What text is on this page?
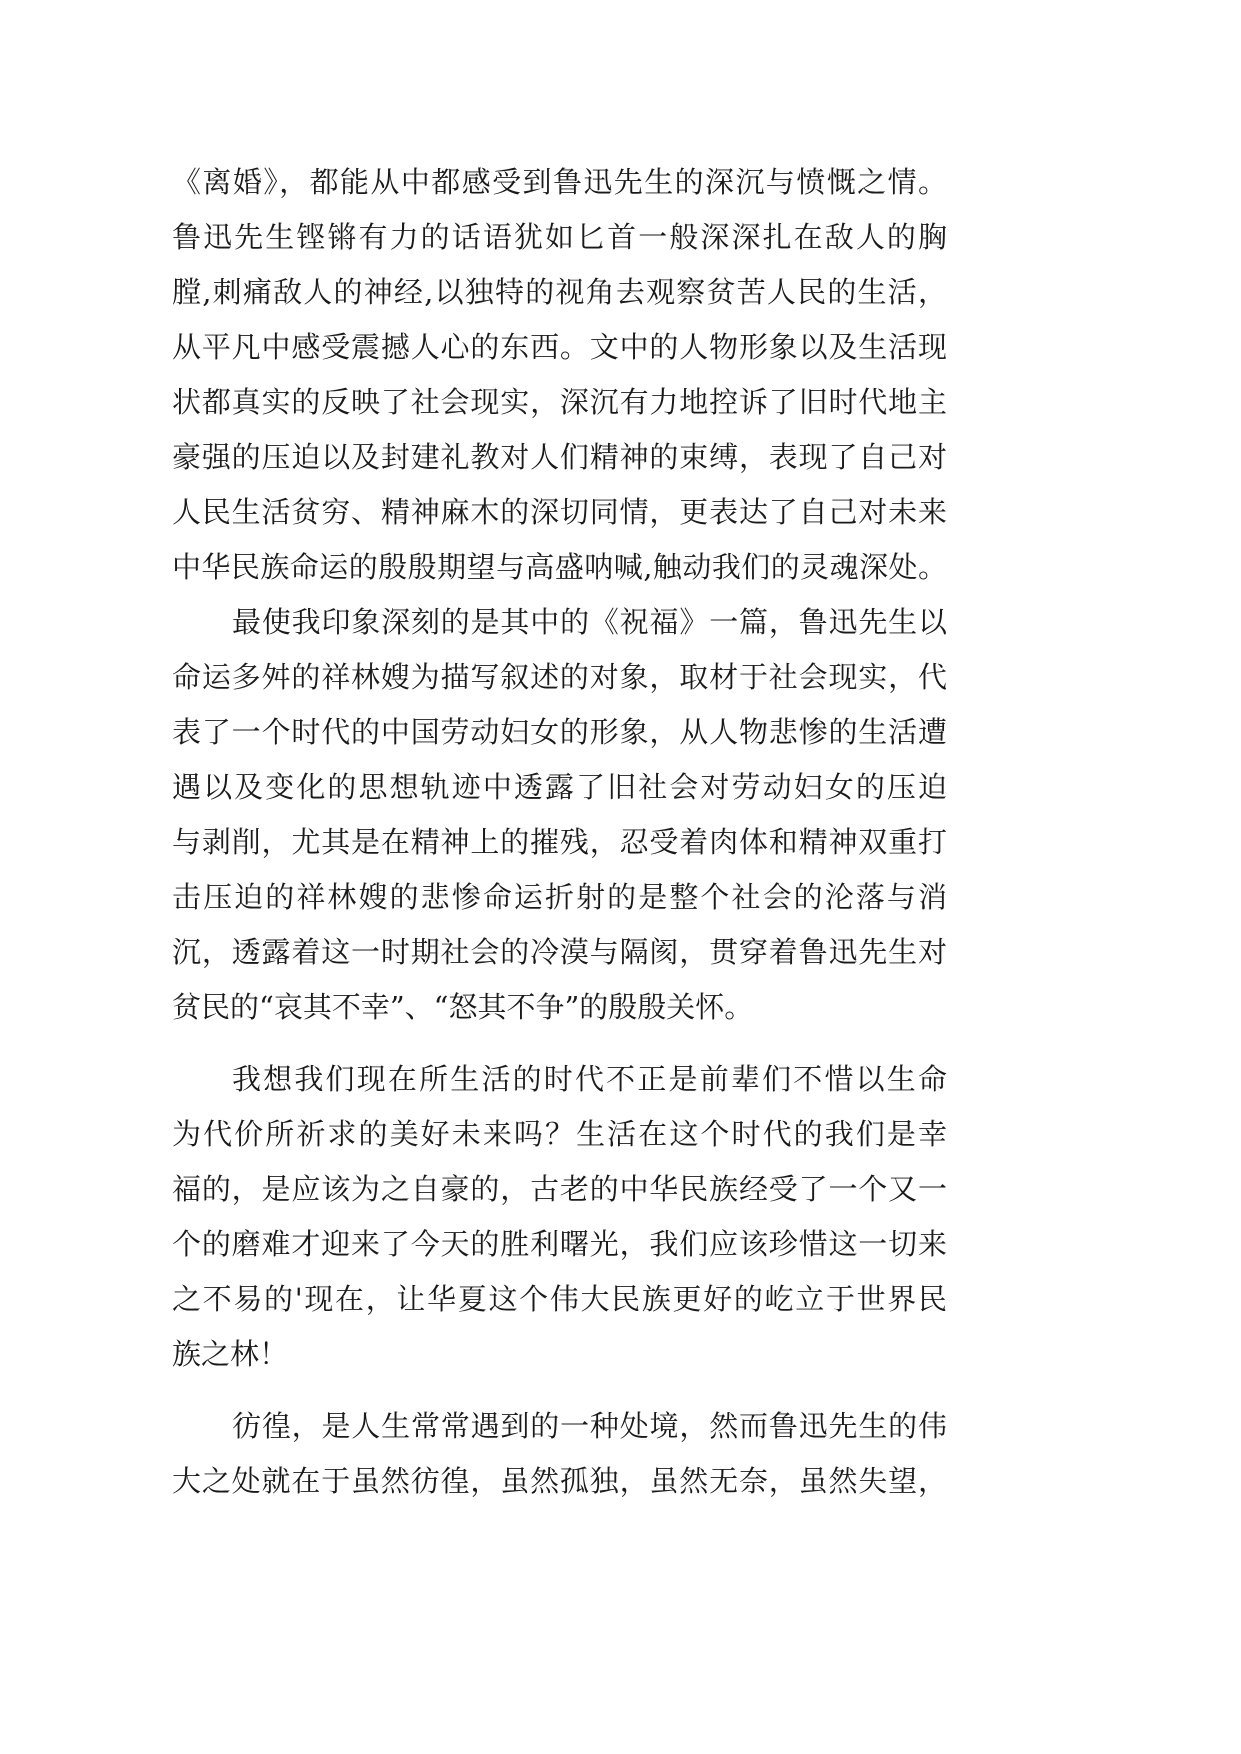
《离婚》，都能从中都感受到鲁迅先生的深沉与愤慨之情。
鲁迅先生铿锵有力的话语犹如匕首一般深深扎在敌人的胸
膛,刺痛敌人的神经,以独特的视角去观察贫苦人民的生活，
从平凡中感受震撼人心的东西。文中的人物形象以及生活现
状都真实的反映了社会现实，深沉有力地控诉了旧时代地主
豪强的压迫以及封建礼教对人们精神的束缚，表现了自己对
人民生活贫穷、精神麻木的深切同情，更表达了自己对未来
中华民族命运的殷殷期望与高盛呐喊,触动我们的灵魂深处。
最使我印象深刻的是其中的《祝福》一篇，鲁迅先生以
命运多舛的祥林嫂为描写叙述的对象，取材于社会现实，代
表了一个时代的中国劳动妇女的形象，从人物悲惨的生活遭
遇以及变化的思想轨迹中透露了旧社会对劳动妇女的压迫
与剥削，尤其是在精神上的摧残，忍受着肉体和精神双重打
击压迫的祥林嫂的悲惨命运折射的是整个社会的沦落与消
沉，透露着这一时期社会的冷漠与隔阂，贯穿着鲁迅先生对
贫民的“哀其不幸”、“怒其不争”的殷殷关怀。
我想我们现在所生活的时代不正是前辈们不惜以生命
为代价所祈求的美好未来吗？生活在这个时代的我们是幸
福的，是应该为之自豪的，古老的中华民族经受了一个又一
个的磨难才迎来了今天的胜利曙光，我们应该珍惜这一切来
之不易的'现在，让华夏这个伟大民族更好的屹立于世界民
族之林！
彷徨，是人生常常遇到的一种处境，然而鲁迅先生的伟
大之处就在于虽然彷徨，虽然孤独，虽然无奈，虽然失望，
